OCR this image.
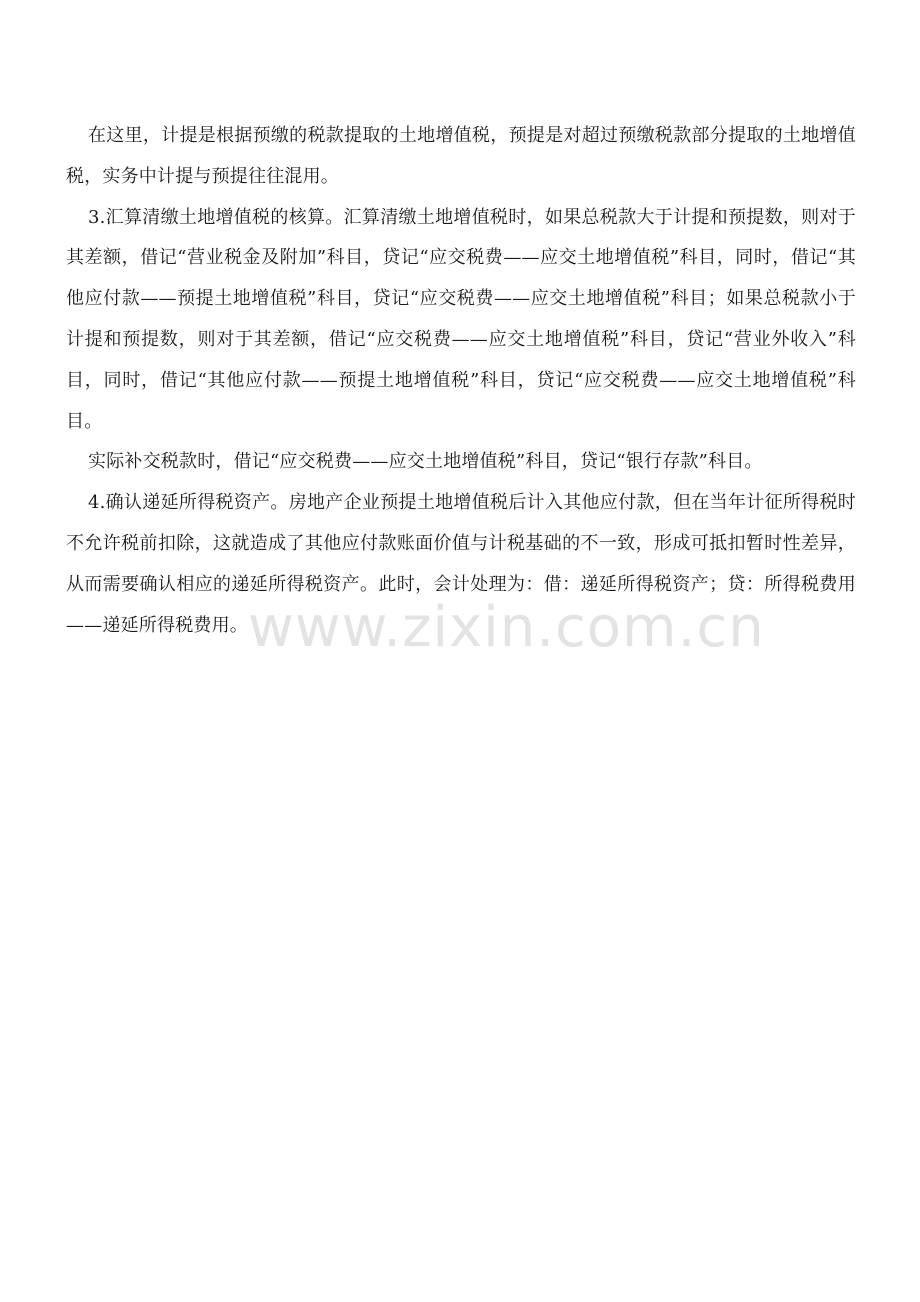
www.zixin.com.cn

在这里，计提是根据预缴的税款提取的土地增值税，预提是对超过预缴税款部分提取的土地增值税，实务中计提与预提往往混用。

3.汇算清缴土地增值税的核算。汇算清缴土地增值税时，如果总税款大于计提和预提数，则对于其差额，借记“营业税金及附加”科目，贷记“应交税费——应交土地增值税”科目，同时，借记“其他应付款——预提土地增值税”科目，贷记“应交税费——应交土地增值税”科目；如果总税款小于计提和预提数，则对于其差额，借记“应交税费——应交土地增值税”科目，贷记“营业外收入”科目，同时，借记“其他应付款——预提土地增值税”科目，贷记“应交税费——应交土地增值税”科目。

实际补交税款时，借记“应交税费——应交土地增值税”科目，贷记“银行存款”科目。

4.确认递延所得税资产。房地产企业预提土地增值税后计入其他应付款，但在当年计征所得税时不允许税前扣除，这就造成了其他应付款账面价值与计税基础的不一致，形成可抵扣暂时性差异，从而需要确认相应的递延所得税资产。此时，会计处理为：借：递延所得税资产；贷：所得税费用——递延所得税费用。
